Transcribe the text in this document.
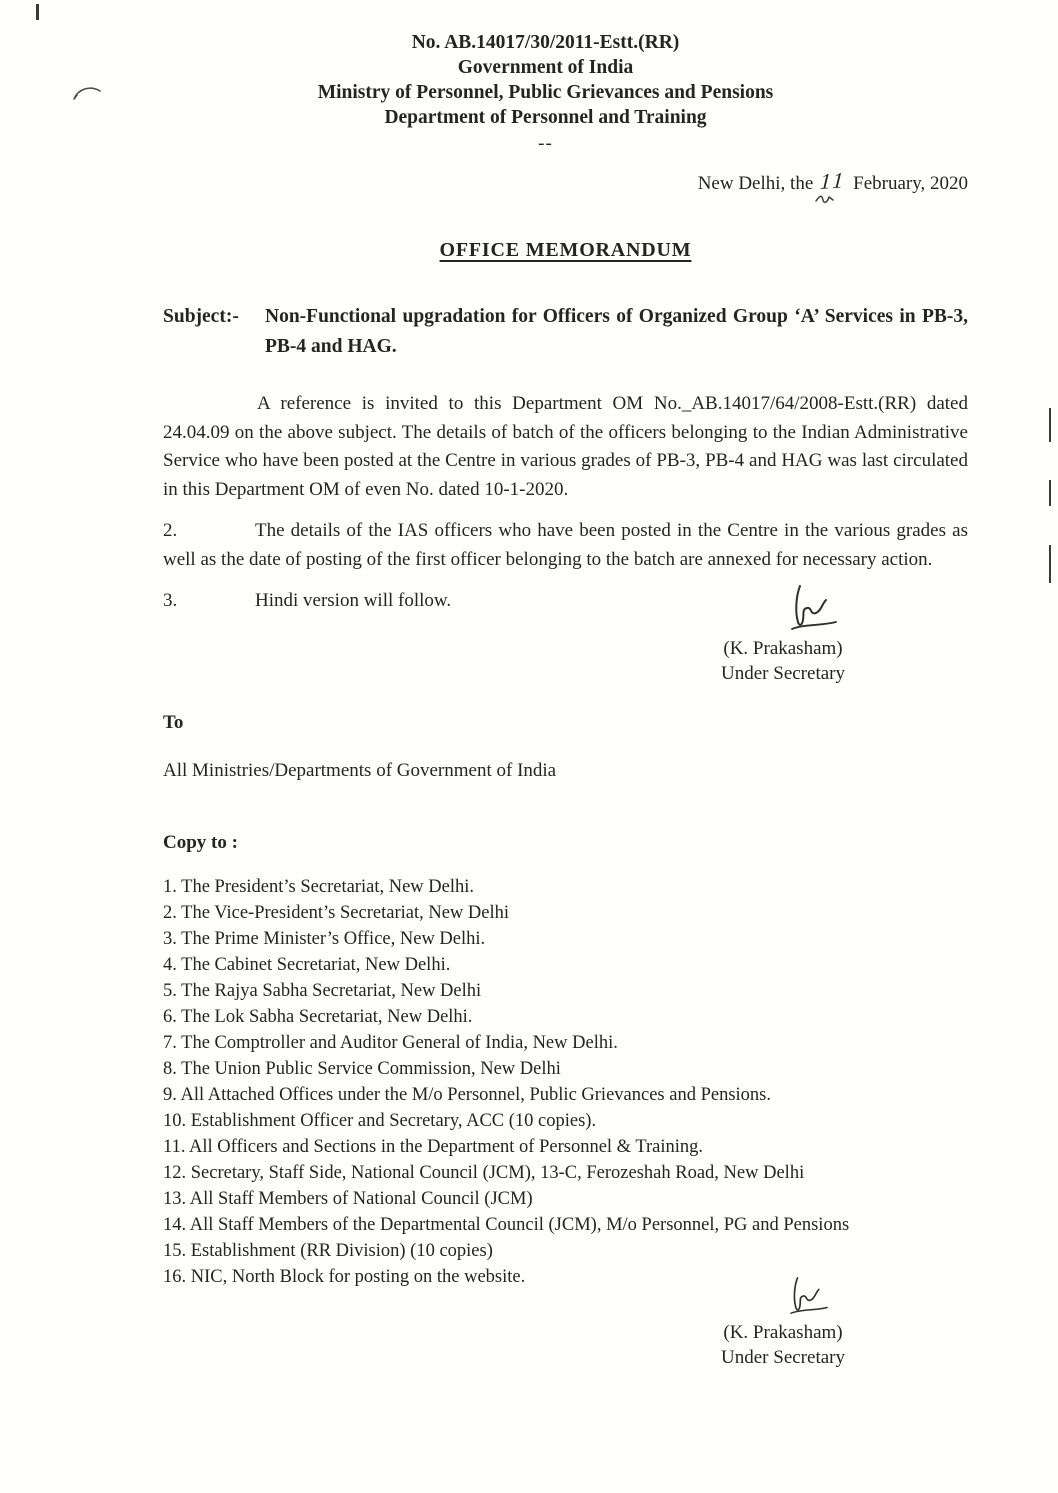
No. AB.14017/30/2011-Estt.(RR)
Government of India
Ministry of Personnel, Public Grievances and Pensions
Department of Personnel and Training
--
New Delhi, the 11 February, 2020
OFFICE MEMORANDUM
Subject:- Non-Functional upgradation for Officers of Organized Group ‘A’ Services in PB-3, PB-4 and HAG.

A reference is invited to this Department OM No._AB.14017/64/2008-Estt.(RR) dated 24.04.09 on the above subject. The details of batch of the officers belonging to the Indian Administrative Service who have been posted at the Centre in various grades of PB-3, PB-4 and HAG was last circulated in this Department OM of even No. dated 10-1-2020.

2.	The details of the IAS officers who have been posted in the Centre in the various grades as well as the date of posting of the first officer belonging to the batch are annexed for necessary action.

3.	Hindi version will follow.

(K. Prakasham)
Under Secretary
To
All Ministries/Departments of Government of India
Copy to :
1. The President’s Secretariat, New Delhi.
2. The Vice-President’s Secretariat, New Delhi
3. The Prime Minister’s Office, New Delhi.
4. The Cabinet Secretariat, New Delhi.
5. The Rajya Sabha Secretariat, New Delhi
6. The Lok Sabha Secretariat, New Delhi.
7. The Comptroller and Auditor General of India, New Delhi.
8. The Union Public Service Commission, New Delhi
9. All Attached Offices under the M/o Personnel, Public Grievances and Pensions.
10. Establishment Officer and Secretary, ACC (10 copies).
11. All Officers and Sections in the Department of Personnel & Training.
12. Secretary, Staff Side, National Council (JCM), 13-C, Ferozeshah Road, New Delhi
13. All Staff Members of National Council (JCM)
14. All Staff Members of the Departmental Council (JCM), M/o Personnel, PG and Pensions
15. Establishment (RR Division) (10 copies)
16. NIC, North Block for posting on the website.
(K. Prakasham)
Under Secretary
